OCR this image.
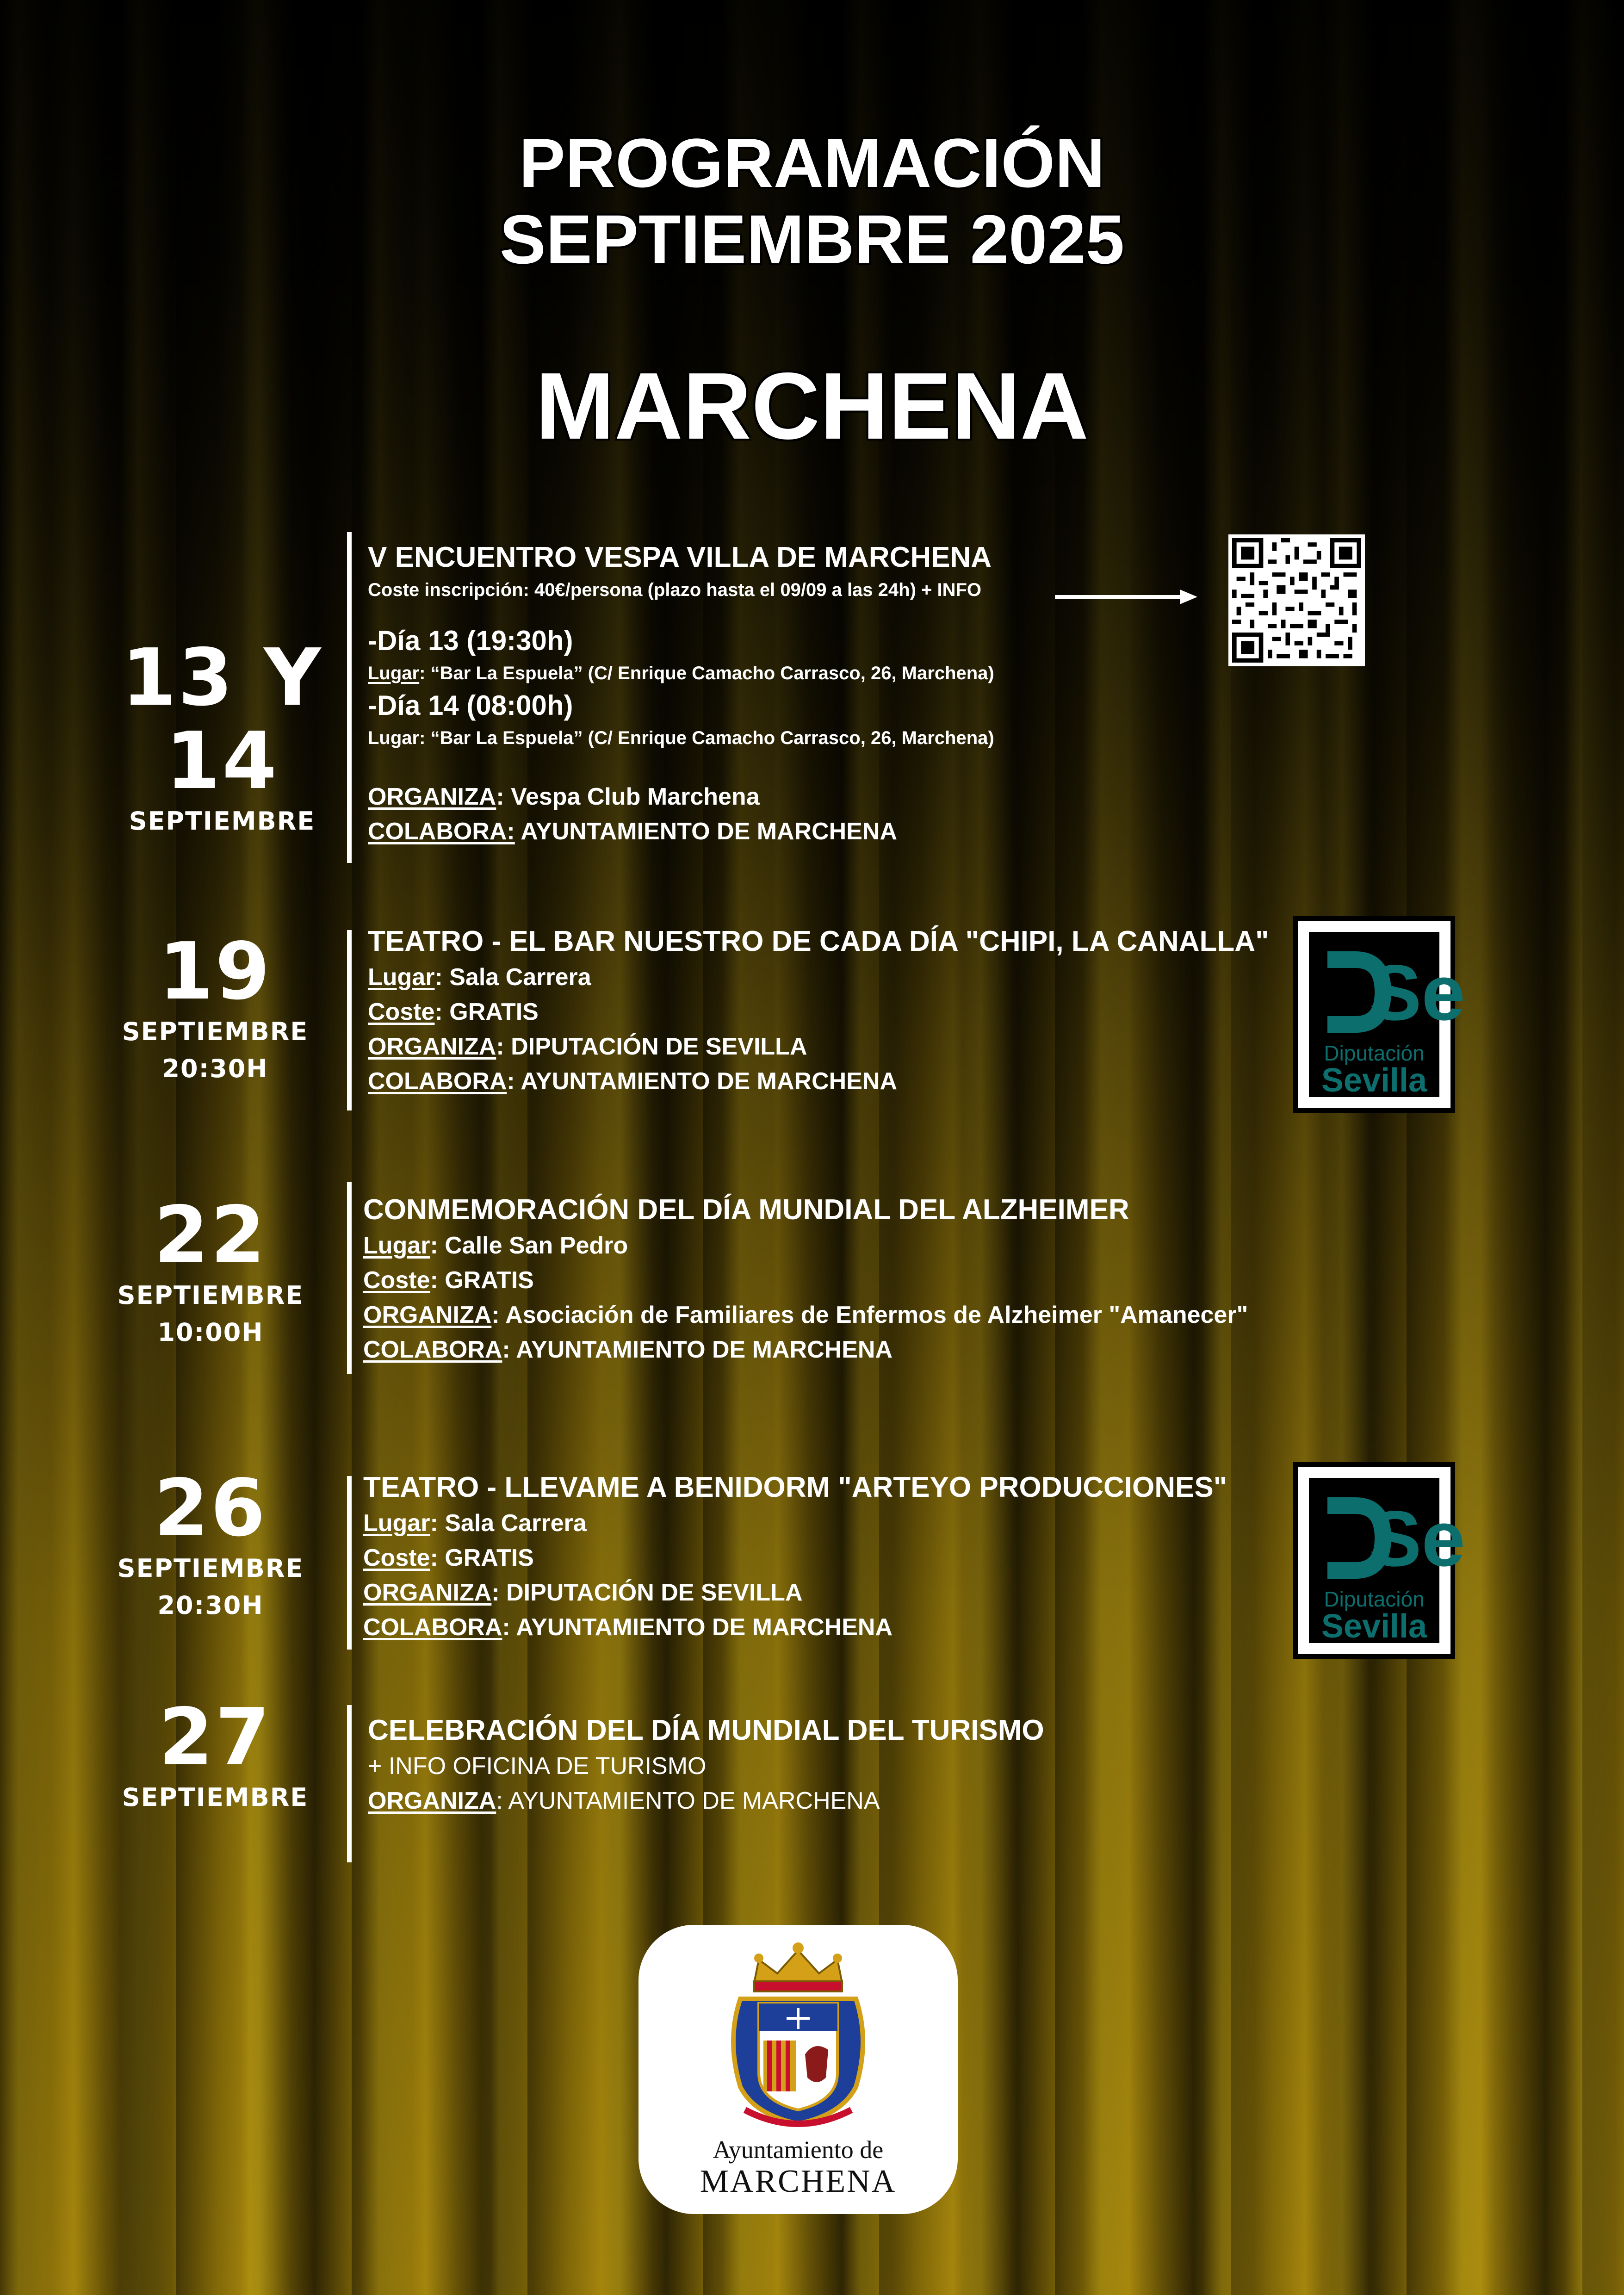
PROGRAMACIÓN SEPTIEMBRE 2025
MARCHENA
13 Y 14
SEPTIEMBRE
V ENCUENTRO VESPA VILLA DE MARCHENA
Coste inscripción: 40€/persona (plazo hasta el 09/09 a las 24h) + INFO
-Día 13 (19:30h)
Lugar: “Bar La Espuela” (C/ Enrique Camacho Carrasco, 26, Marchena)
-Día 14 (08:00h)
Lugar: “Bar La Espuela” (C/ Enrique Camacho Carrasco, 26, Marchena)
ORGANIZA: Vespa Club Marchena
COLABORA: AYUNTAMIENTO DE MARCHENA
19
SEPTIEMBRE
20:30H
TEATRO - EL BAR NUESTRO DE CADA DÍA "CHIPI, LA CANALLA"
Lugar: Sala Carrera
Coste: GRATIS
ORGANIZA: DIPUTACIÓN DE SEVILLA
COLABORA: AYUNTAMIENTO DE MARCHENA
Se
Diputación
Sevilla
22
SEPTIEMBRE
10:00H
CONMEMORACIÓN DEL DÍA MUNDIAL DEL ALZHEIMER
Lugar: Calle San Pedro
Coste: GRATIS
ORGANIZA: Asociación de Familiares de Enfermos de Alzheimer "Amanecer"
COLABORA: AYUNTAMIENTO DE MARCHENA
26
SEPTIEMBRE
20:30H
TEATRO - LLEVAME A BENIDORM "ARTEYO PRODUCCIONES"
Lugar: Sala Carrera
Coste: GRATIS
ORGANIZA: DIPUTACIÓN DE SEVILLA
COLABORA: AYUNTAMIENTO DE MARCHENA
Se
Diputación
Sevilla
27
SEPTIEMBRE
CELEBRACIÓN DEL DÍA MUNDIAL DEL TURISMO
+ INFO OFICINA DE TURISMO
ORGANIZA: AYUNTAMIENTO DE MARCHENA
Ayuntamiento de
MARCHENA
